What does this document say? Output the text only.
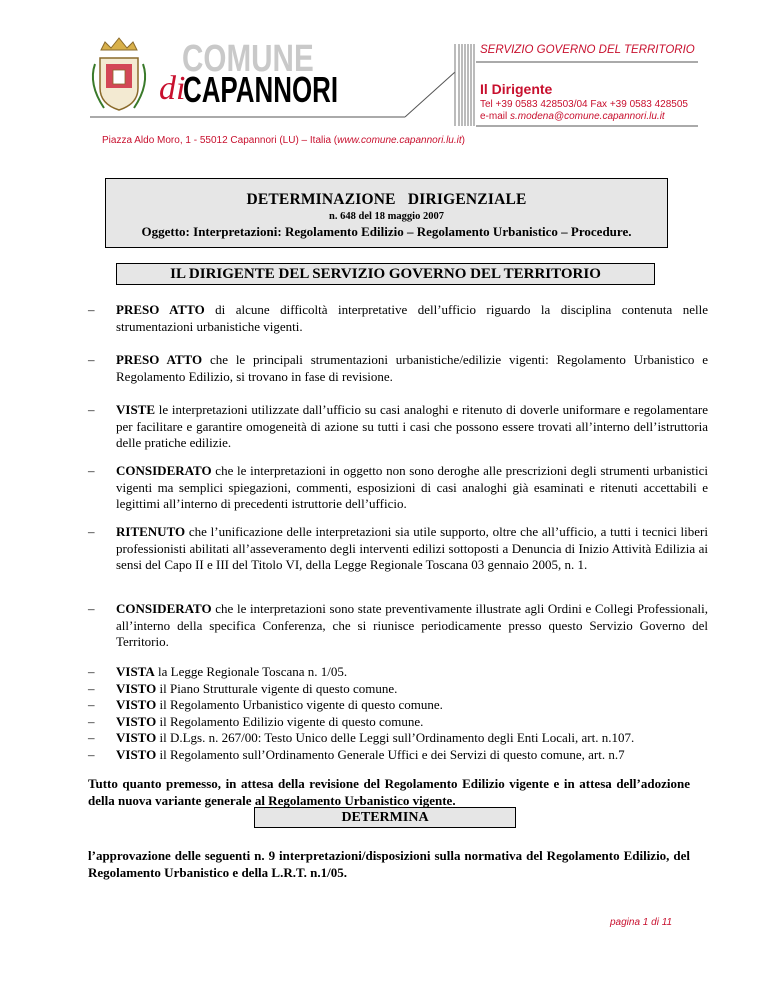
COMUNE
di
CAPANNORI
SERVIZIO GOVERNO DEL TERRITORIO
Il Dirigente
Tel +39 0583 428503/04 Fax +39 0583 428505
e-mail s.modena@comune.capannori.lu.it
Piazza Aldo Moro, 1 - 55012 Capannori (LU) – Italia (www.comune.capannori.lu.it)
DETERMINAZIONE   DIRIGENZIALE
n. 648 del 18 maggio 2007
Oggetto: Interpretazioni: Regolamento Edilizio – Regolamento Urbanistico – Procedure.
IL DIRIGENTE DEL SERVIZIO GOVERNO DEL TERRITORIO
– PRESO ATTO di alcune difficoltà interpretative dell’ufficio riguardo la disciplina contenuta nelle strumentazioni urbanistiche vigenti.
– PRESO ATTO che le principali strumentazioni urbanistiche/edilizie vigenti: Regolamento Urbanistico e Regolamento Edilizio, si trovano in fase di revisione.
– VISTE le interpretazioni utilizzate dall’ufficio su casi analoghi e ritenuto di doverle uniformare e regolamentare per facilitare e garantire omogeneità di azione su tutti i casi che possono essere trovati all’interno dell’istruttoria delle pratiche edilizie.
– CONSIDERATO che le interpretazioni in oggetto non sono deroghe alle prescrizioni degli strumenti urbanistici vigenti ma semplici spiegazioni, commenti, esposizioni di casi analoghi già esaminati e ritenuti accettabili e legittimi all’interno di precedenti istruttorie dell’ufficio.
– RITENUTO che l’unificazione delle interpretazioni sia utile supporto, oltre che all’ufficio, a tutti i tecnici liberi professionisti abilitati all’asseveramento degli interventi edilizi sottoposti a Denuncia di Inizio Attività Edilizia ai sensi del Capo II e III del Titolo VI, della Legge Regionale Toscana 03 gennaio 2005, n. 1.
– CONSIDERATO che le interpretazioni sono state preventivamente illustrate agli Ordini e Collegi Professionali, all’interno della specifica Conferenza, che si riunisce periodicamente presso questo Servizio Governo del Territorio.
– VISTA la Legge Regionale Toscana n. 1/05.
– VISTO il Piano Strutturale vigente di questo comune.
– VISTO il Regolamento Urbanistico vigente di questo comune.
– VISTO il Regolamento Edilizio vigente di questo comune.
– VISTO il D.Lgs. n. 267/00: Testo Unico delle Leggi sull’Ordinamento degli Enti Locali, art. n.107.
– VISTO il Regolamento sull’Ordinamento Generale Uffici e dei Servizi di questo comune, art. n.7
Tutto quanto premesso, in attesa della revisione del Regolamento Edilizio vigente e in attesa dell’adozione della nuova variante generale al Regolamento Urbanistico vigente.
DETERMINA
l’approvazione delle seguenti n. 9 interpretazioni/disposizioni sulla normativa del Regolamento Edilizio, del Regolamento Urbanistico e della L.R.T. n.1/05.
pagina 1 di 11
